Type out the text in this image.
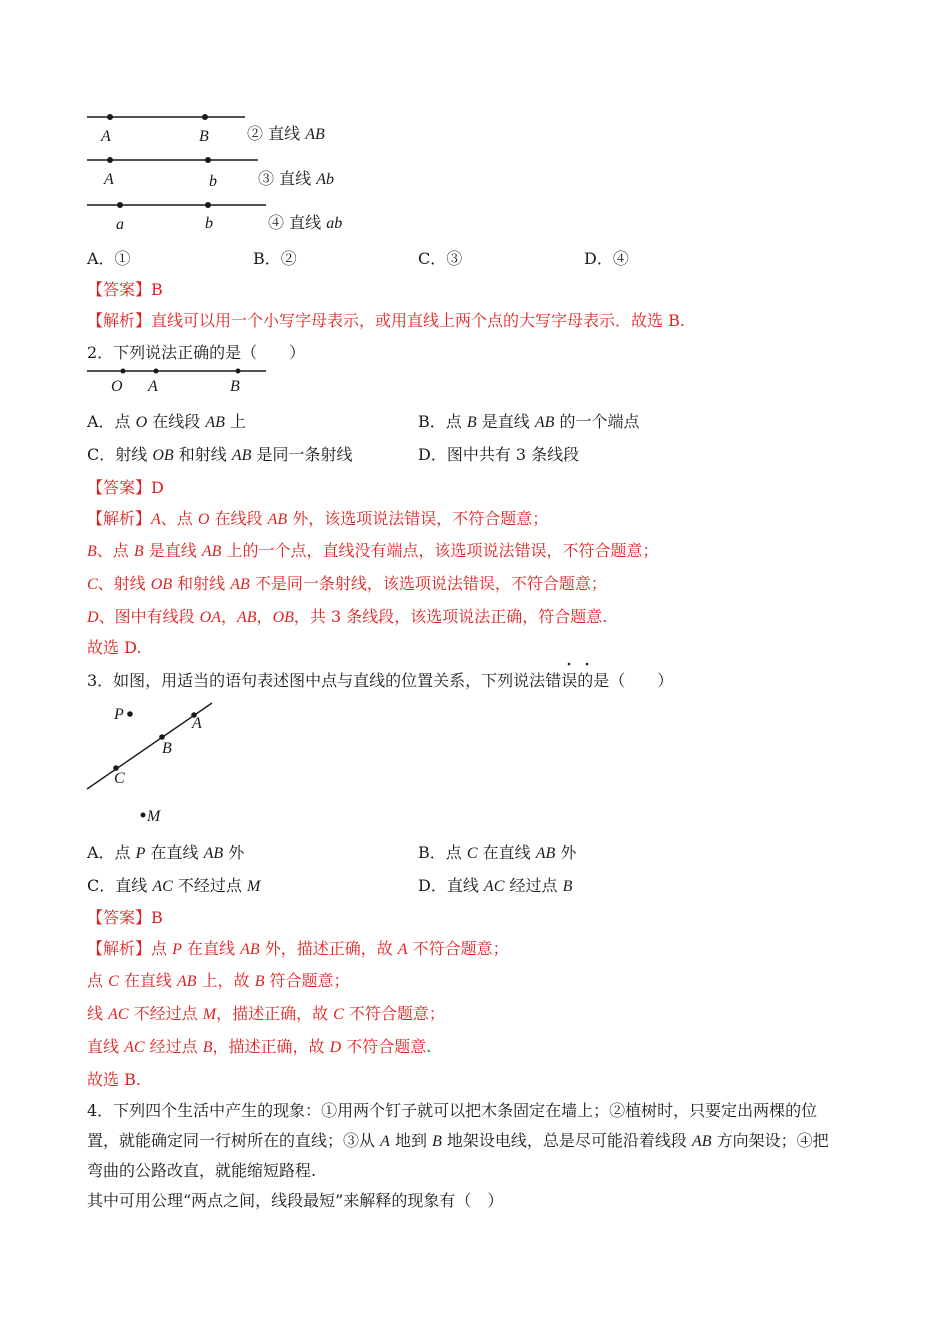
A	B
A	b
a	b
② 直线 AB
③ 直线 Ab
④ 直线 ab
A．①	B．②	C．③	D．④
【答案】B
【解析】直线可以用一个小写字母表示，或用直线上两个点的大写字母表示．故选 B.
2．下列说法正确的是（　　）
O A	B
A．点 O 在线段 AB 上	B．点 B 是直线 AB 的一个端点
C．射线 OB 和射线 AB 是同一条射线	D．图中共有 3 条线段
【答案】D
【解析】A、点 O 在线段 AB 外，该选项说法错误，不符合题意；
B、点 B 是直线 AB 上的一个点，直线没有端点，该选项说法错误，不符合题意；
C、射线 OB 和射线 AB 不是同一条射线，该选项说法错误，不符合题意；
D、图中有线段 OA，AB，OB，共 3 条线段，该选项说法正确，符合题意.
故选 D.
3．如图，用适当的语句表述图中点与直线的位置关系，下列说法错误的是（　　）
P
A
B
C
M
A．点 P 在直线 AB 外	B．点 C 在直线 AB 外
C．直线 AC 不经过点 M	D．直线 AC 经过点 B
【答案】B
【解析】点 P 在直线 AB 外，描述正确，故 A 不符合题意；
点 C 在直线 AB 上，故 B 符合题意；
线 AC 不经过点 M，描述正确，故 C 不符合题意；
直线 AC 经过点 B，描述正确，故 D 不符合题意.
故选 B.
4．下列四个生活中产生的现象：①用两个钉子就可以把木条固定在墙上；②植树时，只要定出两棵的位
置，就能确定同一行树所在的直线；③从 A 地到 B 地架设电线，总是尽可能沿着线段 AB 方向架设；④把
弯曲的公路改直，就能缩短路程.
其中可用公理“两点之间，线段最短”来解释的现象有（　）
